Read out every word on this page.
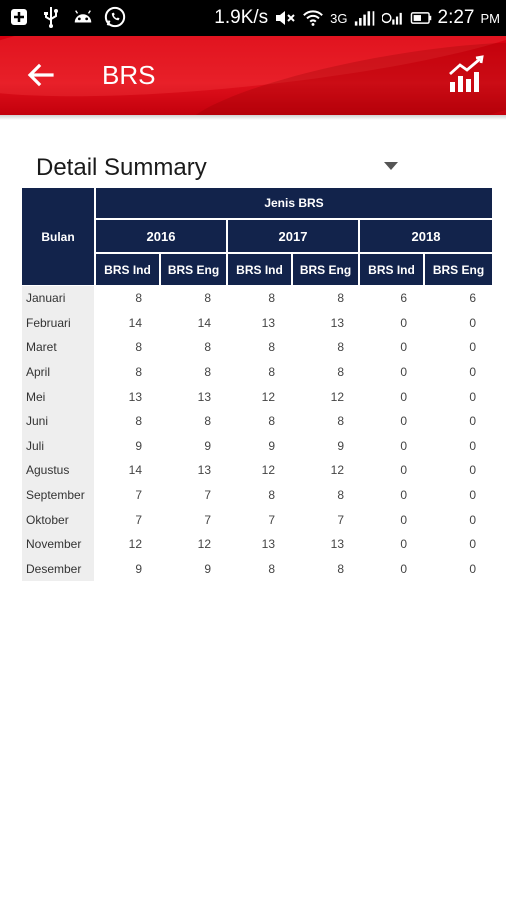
1.9K/s	3G	2:27 PM
BRS
Detail Summary
Bulan
Jenis BRS
2016	2017	2018
BRS Ind	BRS Eng	BRS Ind	BRS Eng	BRS Ind	BRS Eng
Januari	8	8	8	8	6	6
Februari	14	14	13	13	0	0
Maret	8	8	8	8	0	0
April	8	8	8	8	0	0
Mei	13	13	12	12	0	0
Juni	8	8	8	8	0	0
Juli	9	9	9	9	0	0
Agustus	14	13	12	12	0	0
September	7	7	8	8	0	0
Oktober	7	7	7	7	0	0
November	12	12	13	13	0	0
Desember	9	9	8	8	0	0
